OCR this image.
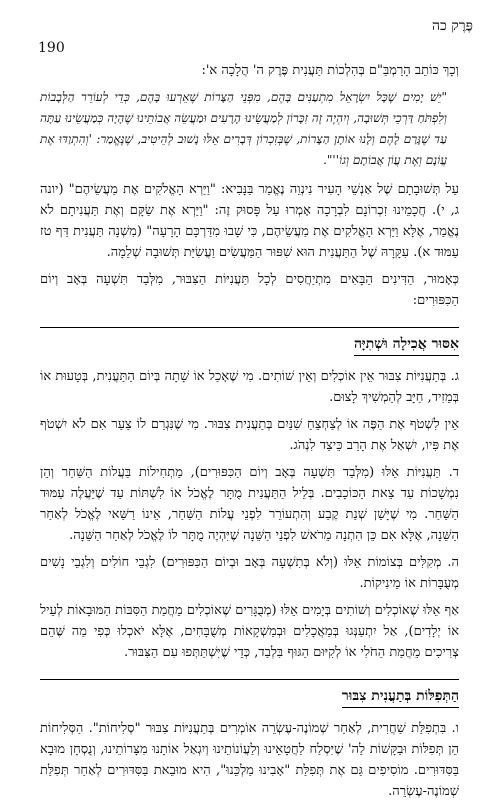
190
פֶּרֶק כה

וְכָךְ כּוֹתֵב הָרַמְבַּ"ם בְּהִלְכוֹת תַּעֲנִית פֶּרֶק ה' הֲלָכָה א':

"יֵשׁ יָמִים שֶׁכָּל יִשְׂרָאֵל מִתְעַנִּים בָּהֶם, מִפְּנֵי הַצָּרוֹת שֶׁאֵרְעוּ בָּהֶם, כְּדֵי לְעוֹרֵר הַלְּבָבוֹת וְלִפְתֹּחַ דַּרְכֵי תְּשׁוּבָה, וְיִהְיֶה זֶה זִכָּרוֹן לְמַעֲשֵׂינוּ הָרָעִים וּמַעֲשֵׂה אֲבוֹתֵינוּ שֶׁהָיָה כְּמַעֲשֵׂינוּ עַתָּה עַד שֶׁגָּרַם לָהֶם וְלָנוּ אוֹתָן הַצָּרוֹת, שֶׁבְּזִכְרוֹן דְּבָרִים אֵלּוּ נָשׁוּב לְהֵיטִיב, שֶׁנֶּאֱמַר: 'וְהִתְוַדּוּ אֶת עֲוֹנָם וְאֶת עֲוֹן אֲבוֹתָם וְגוֹ''".

עַל תְּשׁוּבָתָם שֶׁל אַנְשֵׁי הָעִיר נִינְוֵה נֶאֱמַר בַּנָּבִיא: "וַיַּרְא הָאֱלֹקִים אֶת מַעֲשֵׂיהֶם" (יונה ג, י). חֲכָמֵינוּ זִכְרוֹנָם לִבְרָכָה אָמְרוּ עַל פָּסוּק זֶה: "וַיַּרְא אֶת שַׂקָּם וְאֶת תַּעֲנִיתָם לֹא נֶאֱמַר, אֶלָּא וַיַּרְא הָאֱלֹקִים אֶת מַעֲשֵׂיהֶם, כִּי שָׁבוּ מִדַּרְכָּם הָרָעָה" (מִשְׁנָה תַּעֲנִית דַּף טז עַמּוּד א). עִקָּרָהּ שֶׁל הַתַּעֲנִית הוּא שִׁפּוּר הַמַּעֲשִׂים וַעֲשִׂיַּת תְּשׁוּבָה שְׁלֵמָה.

כְּאָמוּר, הַדִּינִים הַבָּאִים מִתְיַחֲסִים לְכָל תַּעֲנִיּוֹת הַצִּבּוּר, מִלְּבַד תִּשְׁעָה בְּאָב וְיוֹם הַכִּפּוּרִים:

אִסּוּר אֲכִילָה וּשְׁתִיָּה

ג. בְּתַעֲנִיּוֹת צִבּוּר אֵין אוֹכְלִים וְאֵין שׁוֹתִים. מִי שֶׁאָכַל אוֹ שָׁתָה בְּיוֹם הַתַּעֲנִית, בְּטָעוּת אוֹ בְּמֵזִיד, חַיָּב לְהַמְשִׁיךְ לָצוּם.

אֵין לִשְׁטֹף אֶת הַפֶּה אוֹ לְצַחְצֵחַ שִׁנַּיִם בְּתַעֲנִית צִבּוּר. מִי שֶׁנִּגְרַם לוֹ צַעַר אִם לֹא יִשְׁטֹף אֶת פִּיו, יִשְׁאַל אֶת הָרַב כֵּיצַד לִנְהֹג.

ד. תַּעֲנִיּוֹת אֵלּוּ (מִלְּבַד תִּשְׁעָה בְּאָב וְיוֹם הַכִּפּוּרִים), מַתְחִילוֹת בַּעֲלוֹת הַשַּׁחַר וְהֵן נִמְשָׁכוֹת עַד צֵאת הַכּוֹכָבִים. בְּלֵיל הַתַּעֲנִית מֻתָּר לֶאֱכֹל אוֹ לִשְׁתּוֹת עַד שֶׁיַּעֲלֶה עַמּוּד הַשַּׁחַר. מִי שֶׁיָּשַׁן שְׁנַת קֶבַע וְהִתְעוֹרֵר לִפְנֵי עֲלוֹת הַשַּׁחַר, אֵינוֹ רַשַּׁאי לֶאֱכֹל לְאַחַר הַשֵּׁנָה, אֶלָּא אִם כֵּן הִתְנָה מֵרֹאשׁ לִפְנֵי הַשֵּׁנָה שֶׁיִּהְיֶה מֻתָּר לוֹ לֶאֱכֹל לְאַחַר הַשֵּׁנָה.

ה. מְקִלִּים בְּצוֹמוֹת אֵלּוּ (וְלֹא בְּתִשְׁעָה בְּאָב וּבְיוֹם הַכִּפּוּרִים) לִגְבֵי חוֹלִים וְלִגְבֵי נָשִׁים מְעֻבָּרוֹת אוֹ מֵינִיקוֹת.

אַף אֵלּוּ שֶׁאוֹכְלִים וְשׁוֹתִים בְּיָמִים אֵלּוּ (מְבֻגָּרִים שֶׁאוֹכְלִים מֵחֲמַת הַסִּבּוֹת הַמּוּבָאוֹת לְעֵיל אוֹ יְלָדִים), אַל יִתְעַנְּגוּ בְּמַאֲכָלִים וּבְמַשְׁקָאוֹת מְשֻׁבָּחִים, אֶלָּא יֹאכְלוּ כְּפִי מַה שֶּׁהֵם צְרִיכִים מֵחֲמַת הַחֹלִי אוֹ לְקִיּוּם הַגּוּף בִּלְבַד, כְּדֵי שֶׁיִּשְׁתַּתְּפוּ עִם הַצִּבּוּר.

הַתְּפִלּוֹת בְּתַעֲנִית צִבּוּר

ו. בִּתְפִלַּת שַׁחֲרִית, לְאַחַר שְׁמוֹנֶה-עֶשְׂרֵה אוֹמְרִים בְּתַעֲנִיּוֹת צִבּוּר "סְלִיחוֹת". הַסְּלִיחוֹת הֵן תְּפִלּוֹת וּבַקָּשׁוֹת לַה' שֶׁיִּסְלַח לַחֲטָאֵינוּ וְלַעֲוֹנוֹתֵינוּ וְיִגְאַל אוֹתָנוּ מִצָּרוֹתֵינוּ, וְנֻסְחָן מוּבָא בַּסִּדּוּרִים. מוֹסִיפִים גַּם אֶת תְּפִלַּת "אָבִינוּ מַלְכֵּנוּ", הִיא מוּבֵאת בַּסִּדּוּרִים לְאַחַר תְּפִלַּת שְׁמוֹנֶה-עֶשְׂרֵה.
